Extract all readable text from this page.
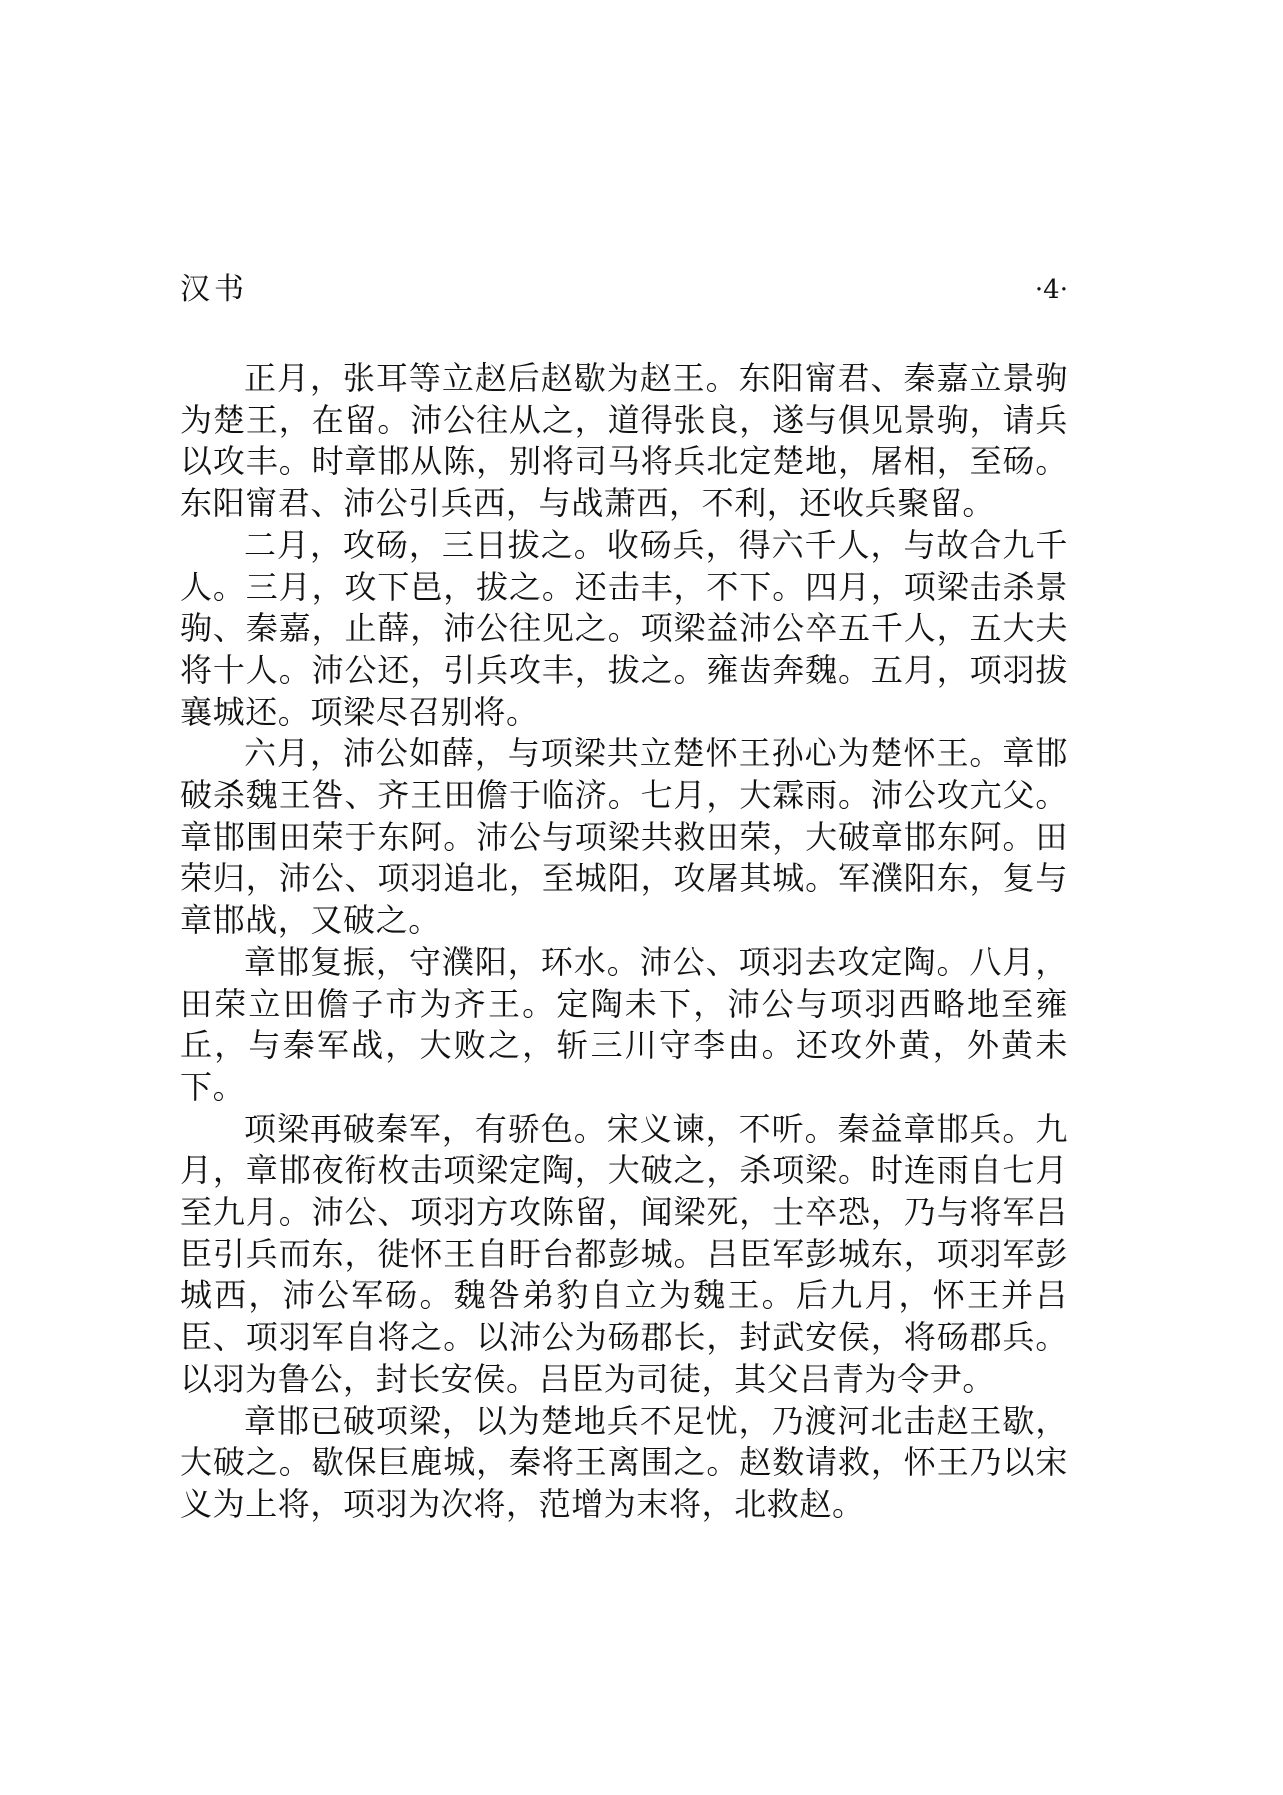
汉书	·4·

正月，张耳等立赵后赵歇为赵王。东阳甯君、秦嘉立景驹为楚王，在留。沛公往从之，道得张良，遂与俱见景驹，请兵以攻丰。时章邯从陈，别将司马将兵北定楚地，屠相，至砀。东阳甯君、沛公引兵西，与战萧西，不利，还收兵聚留。

二月，攻砀，三日拔之。收砀兵，得六千人，与故合九千人。三月，攻下邑，拔之。还击丰，不下。四月，项梁击杀景驹、秦嘉，止薛，沛公往见之。项梁益沛公卒五千人，五大夫将十人。沛公还，引兵攻丰，拔之。雍齿奔魏。五月，项羽拔襄城还。项梁尽召别将。

六月，沛公如薛，与项梁共立楚怀王孙心为楚怀王。章邯破杀魏王咎、齐王田儋于临济。七月，大霖雨。沛公攻亢父。章邯围田荣于东阿。沛公与项梁共救田荣，大破章邯东阿。田荣归，沛公、项羽追北，至城阳，攻屠其城。军濮阳东，复与章邯战，又破之。

章邯复振，守濮阳，环水。沛公、项羽去攻定陶。八月，田荣立田儋子市为齐王。定陶未下，沛公与项羽西略地至雍丘，与秦军战，大败之，斩三川守李由。还攻外黄，外黄未下。

项梁再破秦军，有骄色。宋义谏，不听。秦益章邯兵。九月，章邯夜衔枚击项梁定陶，大破之，杀项梁。时连雨自七月至九月。沛公、项羽方攻陈留，闻梁死，士卒恐，乃与将军吕臣引兵而东，徙怀王自盱台都彭城。吕臣军彭城东，项羽军彭城西，沛公军砀。魏咎弟豹自立为魏王。后九月，怀王并吕臣、项羽军自将之。以沛公为砀郡长，封武安侯，将砀郡兵。以羽为鲁公，封长安侯。吕臣为司徒，其父吕青为令尹。

章邯已破项梁，以为楚地兵不足忧，乃渡河北击赵王歇，大破之。歇保巨鹿城，秦将王离围之。赵数请救，怀王乃以宋义为上将，项羽为次将，范增为末将，北救赵。
